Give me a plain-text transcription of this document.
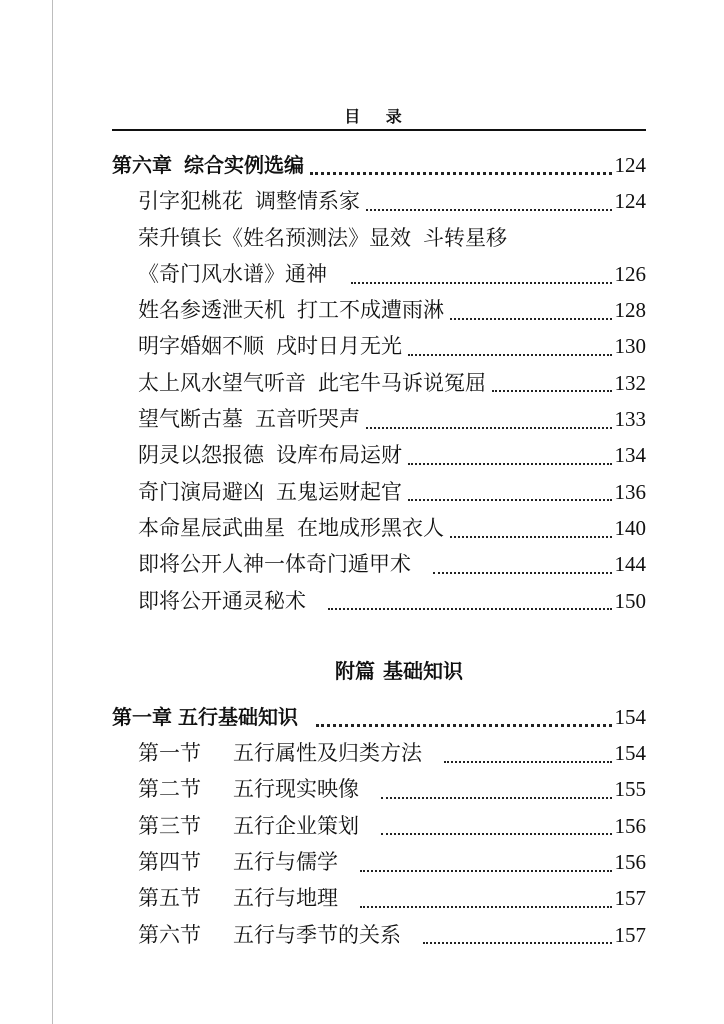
目 录
第六章 综合实例选编	124
引字犯桃花 调整情系家	124
荣升镇长《姓名预测法》显效 斗转星移
《奇门风水谱》通神	126
姓名参透泄天机 打工不成遭雨淋	128
明字婚姻不顺 戌时日月无光	130
太上风水望气听音 此宅牛马诉说冤屈	132
望气断古墓 五音听哭声	133
阴灵以怨报德 设库布局运财	134
奇门演局避凶 五鬼运财起官	136
本命星辰武曲星 在地成形黑衣人	140
即将公开人神一体奇门遁甲术	144
即将公开通灵秘术	150
附篇 基础知识
第一章 五行基础知识	154
第一节 五行属性及归类方法	154
第二节 五行现实映像	155
第三节 五行企业策划	156
第四节 五行与儒学	156
第五节 五行与地理	157
第六节 五行与季节的关系	157
